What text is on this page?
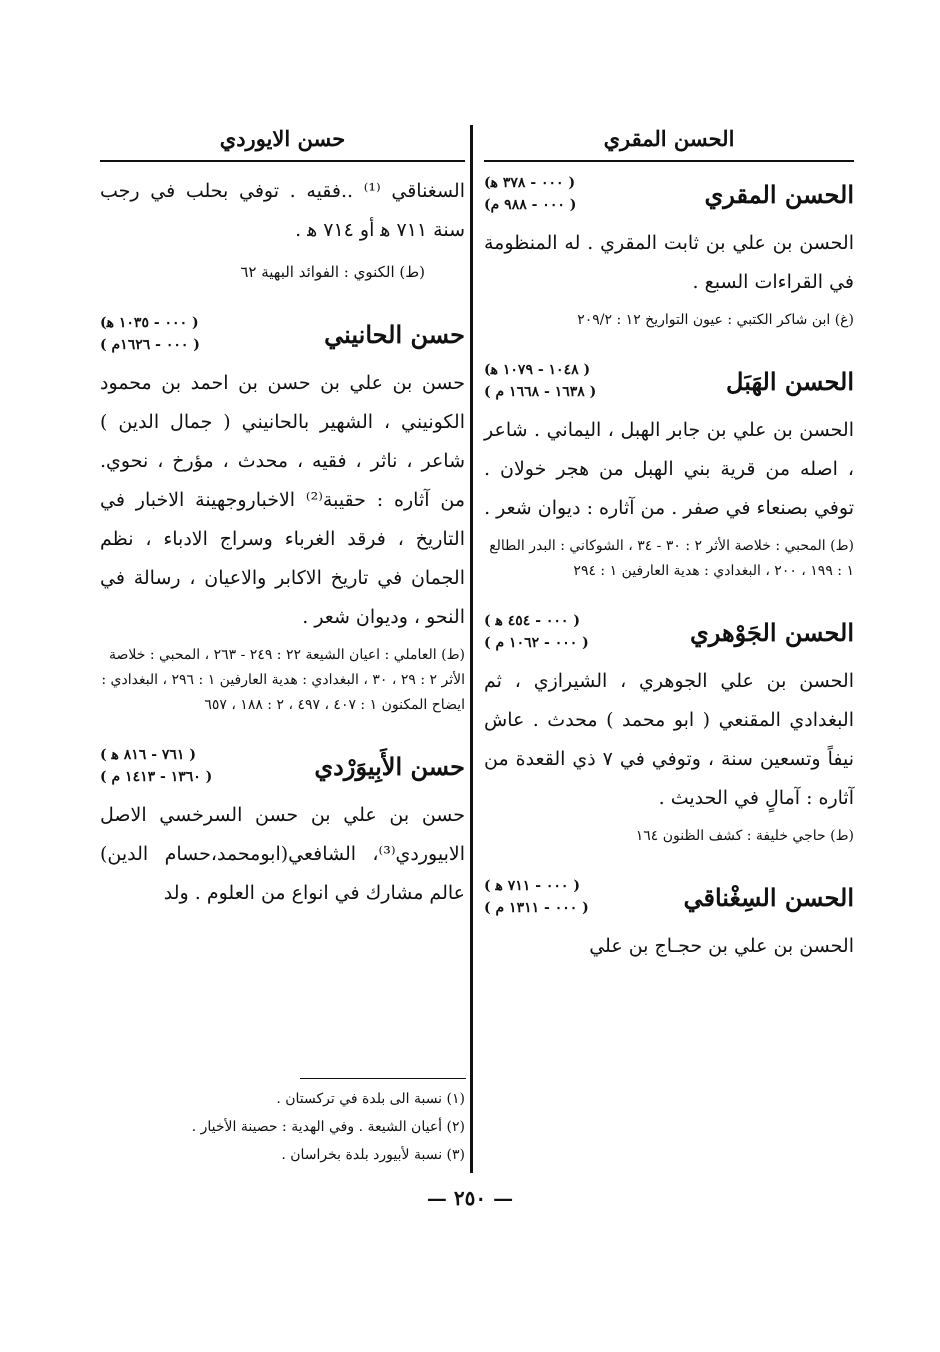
الحسن المقري
الحسن المقري
( ٠٠٠ - ٣٧٨ ﻫ)
( ٠٠٠ - ٩٨٨ م)

الحسن بن علي بن ثابت المقري . له المنظومة في القراءات السبع .

(غ) ابن شاكر الكتبي : عيون التواريخ ١٢ : ٢٠٩/٢
الحسن الهَبَل
( ١٠٤٨ - ١٠٧٩ ﻫ)
( ١٦٣٨ - ١٦٦٨ م )

الحسن بن علي بن جابر الهبل ، اليماني . شاعر ، اصله من قرية بني الهبل من هجر خولان . توفي بصنعاء في صفر . من آثاره : ديوان شعر .

(ط) المحبي : خلاصة الأثر ٢ : ٣٠ - ٣٤ ، الشوكاني : البدر الطالع ١ : ١٩٩ ، ٢٠٠ ، البغدادي : هدية العارفين ١ : ٢٩٤
الحسن الجَوْهري
( ٠٠٠ - ٤٥٤ ﻫ )
( ٠٠٠ - ١٠٦٢ م )

الحسن بن علي الجوهري ، الشيرازي ، ثم البغدادي المقنعي ( ابو محمد ) محدث . عاش نيفاً وتسعين سنة ، وتوفي في ٧ ذي القعدة من آثاره : آمالٍ في الحديث .

(ط) حاجي خليفة : كشف الظنون ١٦٤
الحسن السِغْناقي
( ٠٠٠ - ٧١١ ﻫ )
( ٠٠٠ - ١٣١١ م )

الحسن بن علي بن حجـاج بن علي

حسن الايوردي

السغناقي ⁽¹⁾ ..فقيه . توفي بحلب في رجب سنة ٧١١ ﻫ أو ٧١٤ ﻫ .

(ط) الكنوي : الفوائد البهية ٦٢
حسن الحانيني
( ٠٠٠ - ١٠٣٥ ﻫ)
( ٠٠٠ - ١٦٢٦م )

حسن بن علي بن حسن بن احمد بن محمود الكونيني ، الشهير بالحانيني ( جمال الدين ) شاعر ، ناثر ، فقيه ، محدث ، مؤرخ ، نحوي. من آثاره : حقيبة⁽²⁾ الاخباروجهينة الاخبار في التاريخ ، فرقد الغرباء وسراج الادباء ، نظم الجمان في تاريخ الاكابر والاعيان ، رسالة في النحو ، وديوان شعر .

(ط) العاملي : اعيان الشيعة ٢٢ : ٢٤٩ - ٢٦٣ ، المحبي : خلاصة الأثر ٢ : ٢٩ ، ٣٠ ، البغدادي : هدية العارفين ١ : ٢٩٦ ، البغدادي : ايضاح المكنون ١ : ٤٠٧ ، ٤٩٧ ، ٢ : ١٨٨ ، ٦٥٧
حسن الأَبِيوَرْدي
( ٧٦١ - ٨١٦ ﻫ )
( ١٣٦٠ - ١٤١٣ م )

حسن بن علي بن حسن السرخسي الاصل الابيوردي⁽³⁾، الشافعي(ابومحمد،حسام الدين) عالم مشارك في انواع من العلوم . ولد

(١) نسبة الى بلدة في تركستان .
(٢) أعيان الشيعة . وفي الهدية : حصينة الأخيار .
(٣) نسبة لأبيورد بلدة بخراسان .
— ٢٥٠ —
